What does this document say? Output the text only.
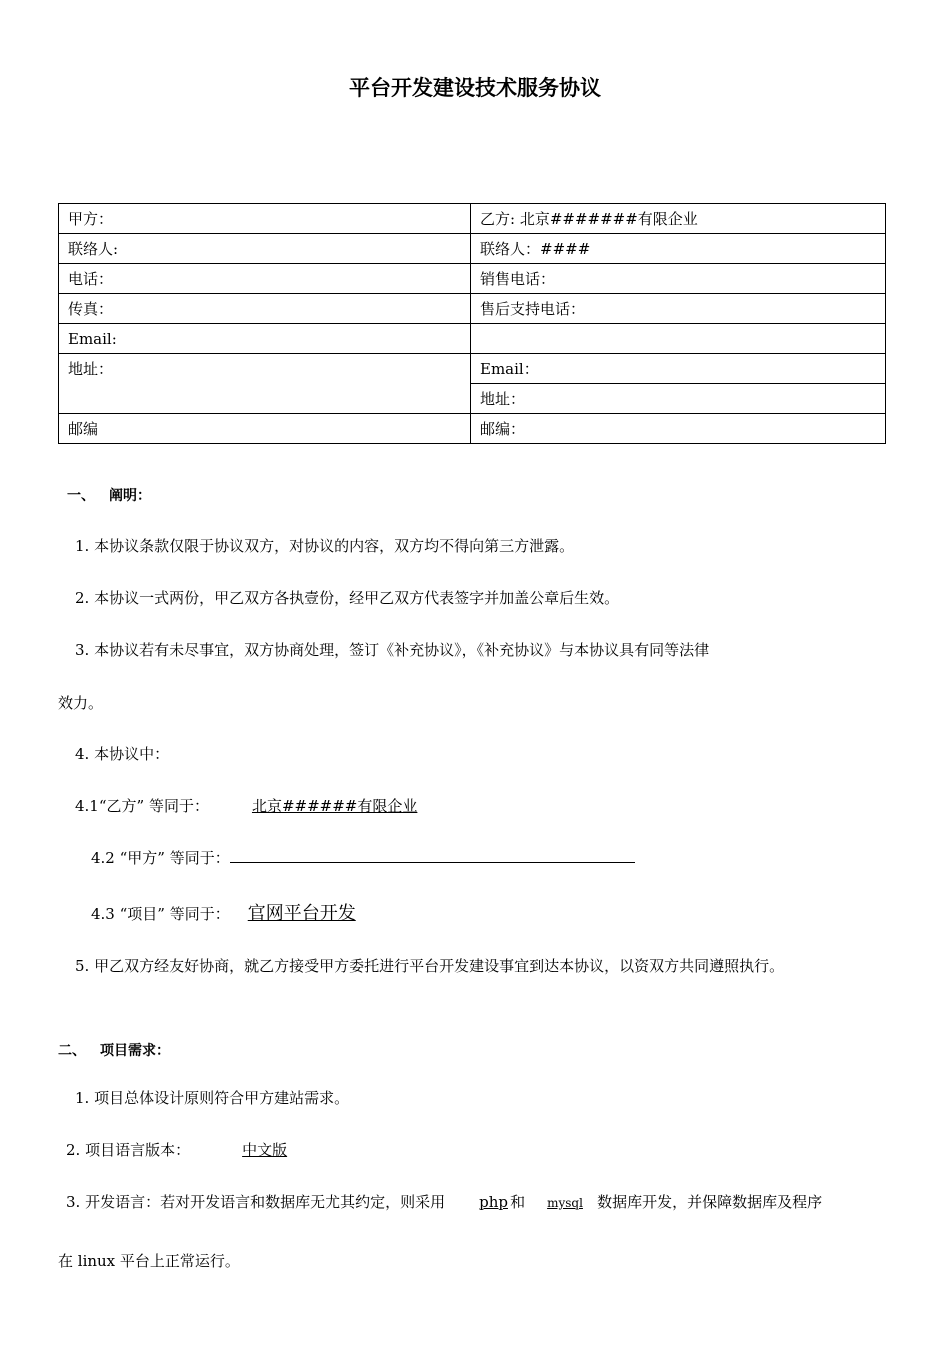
平台开发建设技术服务协议
甲方：	乙方: 北京#######有限企业
联络人:	联络人：####
电话：	销售电话：
传真：	售后支持电话：
Email:	
地址：	Email：
	地址：
邮编	邮编：
一、 阐明：
1. 本协议条款仅限于协议双方，对协议的内容，双方均不得向第三方泄露。
2. 本协议一式两份，甲乙双方各执壹份，经甲乙双方代表签字并加盖公章后生效。
3. 本协议若有未尽事宜，双方协商处理，签订《补充协议》，《补充协议》与本协议具有同等法律
效力。
4. 本协议中：
4.1“乙方” 等同于：	北京######有限企业
4.2 “甲方” 等同于：
4.3 “项目” 等同于： 官网平台开发
5. 甲乙双方经友好协商，就乙方接受甲方委托进行平台开发建设事宜到达本协议，以资双方共同遵照执行。
二、 项目需求：
1. 项目总体设计原则符合甲方建站需求。
2. 项目语言版本：	中文版
3. 开发语言：若对开发语言和数据库无尤其约定，则采用 php 和 mysql 数据库开发，并保障数据库及程序
在 linux 平台上正常运行。
